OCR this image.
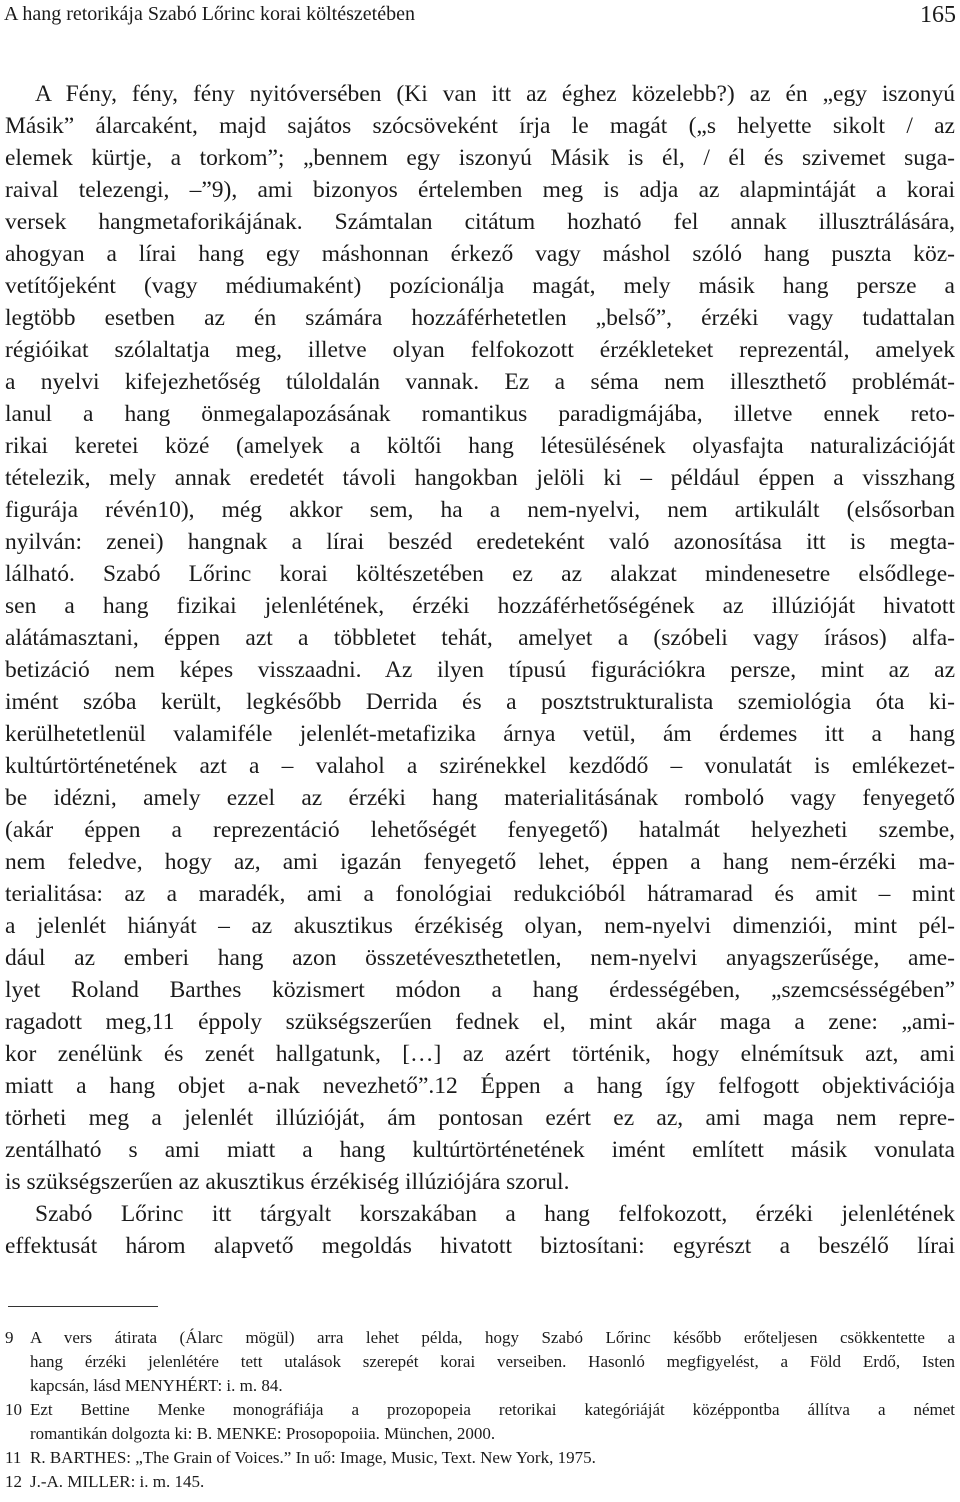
A hang retorikája Szabó Lőrinc korai költészetében	165
A Fény, fény, fény nyitóversében (Ki van itt az éghez közelebb?) az én „egy iszonyú
Másik” álarcaként, majd sajátos szócsöveként írja le magát („s helyette sikolt / az
elemek kürtje, a torkom”; „bennem egy iszonyú Másik is él, / él és szivemet suga-
raival telezengi, –”9), ami bizonyos értelemben meg is adja az alapmintáját a korai
versek hangmetaforikájának. Számtalan citátum hozható fel annak illusztrálására,
ahogyan a lírai hang egy máshonnan érkező vagy máshol szóló hang puszta köz-
vetítőjeként (vagy médiumaként) pozícionálja magát, mely másik hang persze a
legtöbb esetben az én számára hozzáférhetetlen „belső”, érzéki vagy tudattalan
régióikat szólaltatja meg, illetve olyan felfokozott érzékleteket reprezentál, amelyek
a nyelvi kifejezhetőség túloldalán vannak. Ez a séma nem illeszthető problémát-
lanul a hang önmegalapozásának romantikus paradigmájába, illetve ennek reto-
rikai keretei közé (amelyek a költői hang létesülésének olyasfajta naturalizációját
tételezik, mely annak eredetét távoli hangokban jelöli ki – például éppen a visszhang
figurája révén10), még akkor sem, ha a nem-nyelvi, nem artikulált (elsősorban
nyilván: zenei) hangnak a lírai beszéd eredeteként való azonosítása itt is megta-
lálható. Szabó Lőrinc korai költészetében ez az alakzat mindenesetre elsődlege-
sen a hang fizikai jelenlétének, érzéki hozzáférhetőségének az illúzióját hivatott
alátámasztani, éppen azt a többletet tehát, amelyet a (szóbeli vagy írásos) alfa-
betizáció nem képes visszaadni. Az ilyen típusú figurációkra persze, mint az az
imént szóba került, legkésőbb Derrida és a posztstrukturalista szemiológia óta ki-
kerülhetetlenül valamiféle jelenlét-metafizika árnya vetül, ám érdemes itt a hang
kultúrtörténetének azt a – valahol a szirénekkel kezdődő – vonulatát is emlékezet-
be idézni, amely ezzel az érzéki hang materialitásának romboló vagy fenyegető
(akár éppen a reprezentáció lehetőségét fenyegető) hatalmát helyezheti szembe,
nem feledve, hogy az, ami igazán fenyegető lehet, éppen a hang nem-érzéki ma-
terialitása: az a maradék, ami a fonológiai redukcióból hátramarad és amit – mint
a jelenlét hiányát – az akusztikus érzékiség olyan, nem-nyelvi dimenziói, mint pél-
dául az emberi hang azon összetéveszthetetlen, nem-nyelvi anyagszerűsége, ame-
lyet Roland Barthes közismert módon a hang érdességében, „szemcsésségében”
ragadott meg,11 éppoly szükségszerűen fednek el, mint akár maga a zene: „ami-
kor zenélünk és zenét hallgatunk, […] az azért történik, hogy elnémítsuk azt, ami
miatt a hang objet a-nak nevezhető”.12 Éppen a hang így felfogott objektivációja
törheti meg a jelenlét illúzióját, ám pontosan ezért ez az, ami maga nem repre-
zentálható s ami miatt a hang kultúrtörténetének imént említett másik vonulata
is szükségszerűen az akusztikus érzékiség illúziójára szorul.
Szabó Lőrinc itt tárgyalt korszakában a hang felfokozott, érzéki jelenlétének
effektusát három alapvető megoldás hivatott biztosítani: egyrészt a beszélő lírai
9 A vers átirata (Álarc mögül) arra lehet példa, hogy Szabó Lőrinc később erőteljesen csökkentette a
hang érzéki jelenlétére tett utalások szerepét korai verseiben. Hasonló megfigyelést, a Föld Erdő, Isten
kapcsán, lásd MENYHÉRT: i. m. 84.
10 Ezt Bettine Menke monográfiája a prozopopeia retorikai kategóriáját középpontba állítva a német
romantikán dolgozta ki: B. MENKE: Prosopopoiia. München, 2000.
11 R. BARTHES: „The Grain of Voices.” In uő: Image, Music, Text. New York, 1975.
12 J.-A. MILLER: i. m. 145.
